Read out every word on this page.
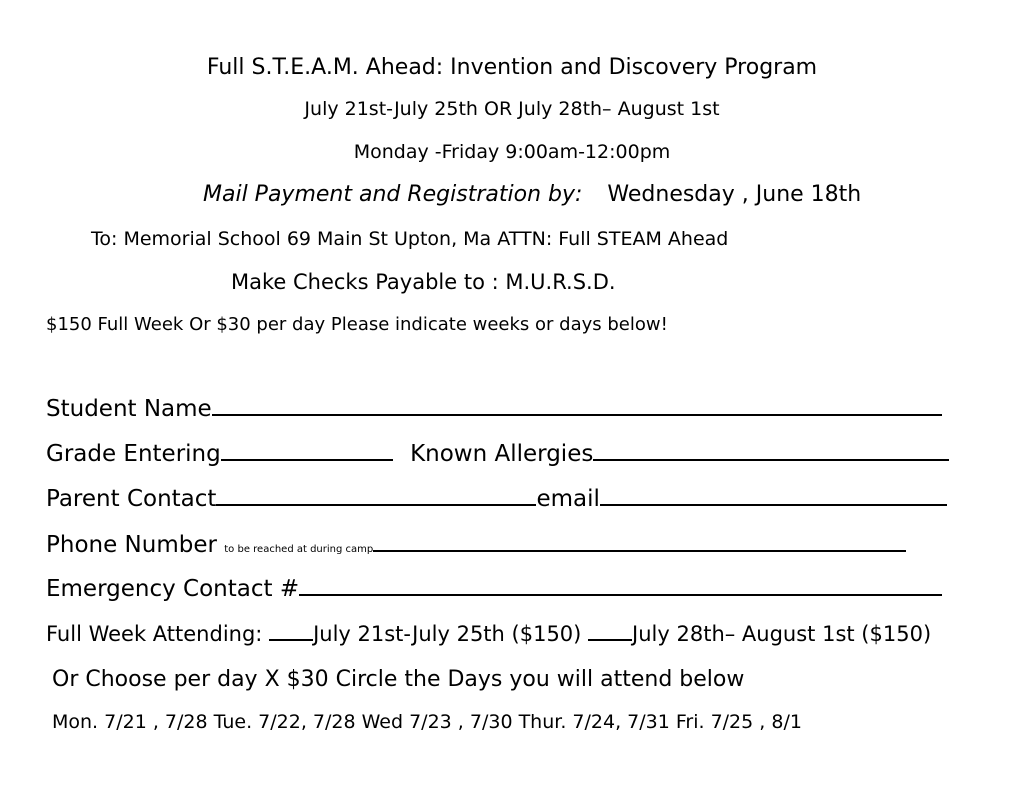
Full S.T.E.A.M. Ahead: Invention and Discovery Program
July 21st-July 25th OR July 28th– August 1st
Monday -Friday 9:00am-12:00pm
Mail Payment and Registration by: Wednesday , June 18th
To: Memorial School 69 Main St Upton, Ma ATTN: Full STEAM Ahead
Make Checks Payable to : M.U.R.S.D.
$150 Full Week Or $30 per day Please indicate weeks or days below!
Student Name
Grade Entering	Known Allergies
Parent Contact	email
Phone Number to be reached at during camp
Emergency Contact #
Full Week Attending: July 21st-July 25th ($150) July 28th– August 1st ($150)
Or Choose per day X $30 Circle the Days you will attend below
Mon. 7/21 , 7/28 Tue. 7/22, 7/28 Wed 7/23 , 7/30 Thur. 7/24, 7/31 Fri. 7/25 , 8/1
